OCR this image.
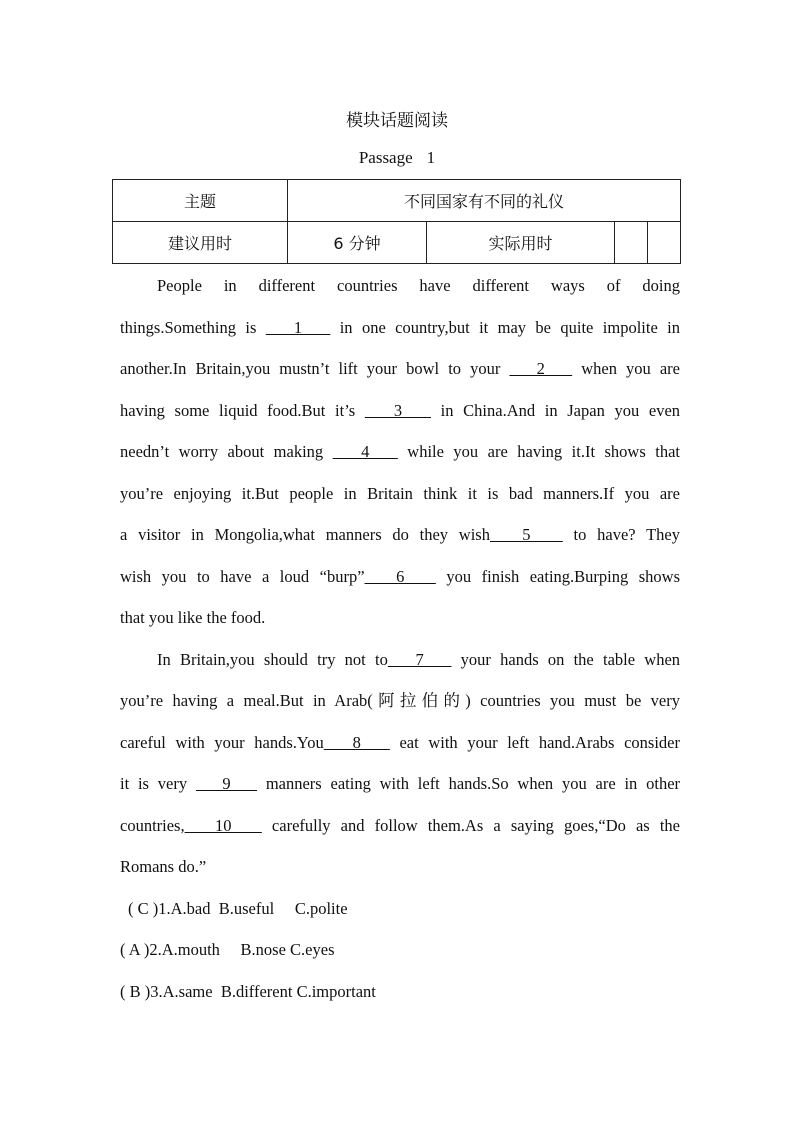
模块话题阅读
Passage 1
主题	不同国家有不同的礼仪			
建议用时	6 分钟	实际用时		

People in different countries have different ways of doing

things.Something is    1    in one country,but it may be quite impolite in

another.In Britain,you mustn’t lift your bowl to your    2    when you are

having some liquid food.But it’s    3    in China.And in Japan you even

needn’t worry about making    4    while you are having it.It shows that

you’re enjoying it.But people in Britain think it is bad manners.If you are

a visitor in Mongolia,what manners do they wish   5    to have? They

wish you to have a loud “burp”   6    you finish eating.Burping shows

that you like the food.

In Britain,you should try not to   7    your hands on the table when

you’re having a meal.But in Arab(阿拉伯的) countries you must be very

careful with your hands.You   8    eat with your left hand.Arabs consider

it is very    9    manners eating with left hands.So when you are in other

countries,   10    carefully and follow them.As a saying goes,“Do as the

Romans do.”

( C )1.A.bad  B.useful     C.polite

( A )2.A.mouth     B.nose C.eyes

( B )3.A.same  B.different C.important
